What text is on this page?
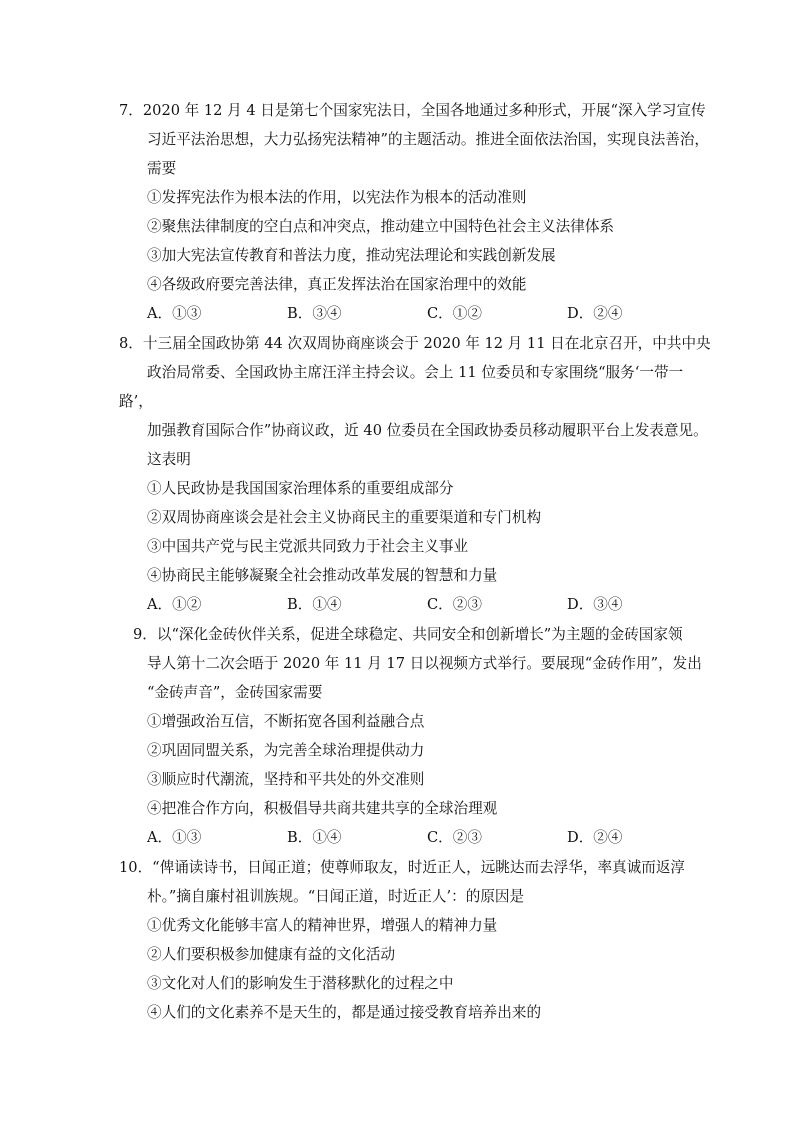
7．2020 年 12 月 4 日是第七个国家宪法日，全国各地通过多种形式，开展“深入学习宣传
习近平法治思想，大力弘扬宪法精神”的主题活动。推进全面依法治国，实现良法善治，
需要
①发挥宪法作为根本法的作用，以宪法作为根本的活动准则
②聚焦法律制度的空白点和冲突点，推动建立中国特色社会主义法律体系
③加大宪法宣传教育和普法力度，推动宪法理论和实践创新发展
④各级政府要完善法律，真正发挥法治在国家治理中的效能
A．①③	B．③④	C．①②	D．②④
8．十三届全国政协第 44 次双周协商座谈会于 2020 年 12 月 11 日在北京召开，中共中央
政治局常委、全国政协主席汪洋主持会议。会上 11 位委员和专家围绕“服务‘一带一
路’，
加强教育国际合作”协商议政，近 40 位委员在全国政协委员移动履职平台上发表意见。
这表明
①人民政协是我国国家治理体系的重要组成部分
②双周协商座谈会是社会主义协商民主的重要渠道和专门机构
③中国共产党与民主党派共同致力于社会主义事业
④协商民主能够凝聚全社会推动改革发展的智慧和力量
A．①②	B．①④	C．②③	D．③④
9．以“深化金砖伙伴关系，促进全球稳定、共同安全和创新增长”为主题的金砖国家领
导人第十二次会晤于 2020 年 11 月 17 日以视频方式举行。要展现“金砖作用”，发出
“金砖声音”，金砖国家需要
①增强政治互信，不断拓宽各国利益融合点
②巩固同盟关系，为完善全球治理提供动力
③顺应时代潮流，坚持和平共处的外交准则
④把准合作方向，积极倡导共商共建共享的全球治理观
A．①③	B．①④	C．②③	D．②④
10．“俾诵读诗书，日闻正道；使尊师取友，时近正人，远眺达而去浮华，率真诚而返淳
朴。”摘自廉村祖训族规。“日闻正道，时近正人’：的原因是
①优秀文化能够丰富人的精神世界，增强人的精神力量
②人们要积极参加健康有益的文化活动
③文化对人们的影响发生于潜移默化的过程之中
④人们的文化素养不是天生的，都是通过接受教育培养出来的
